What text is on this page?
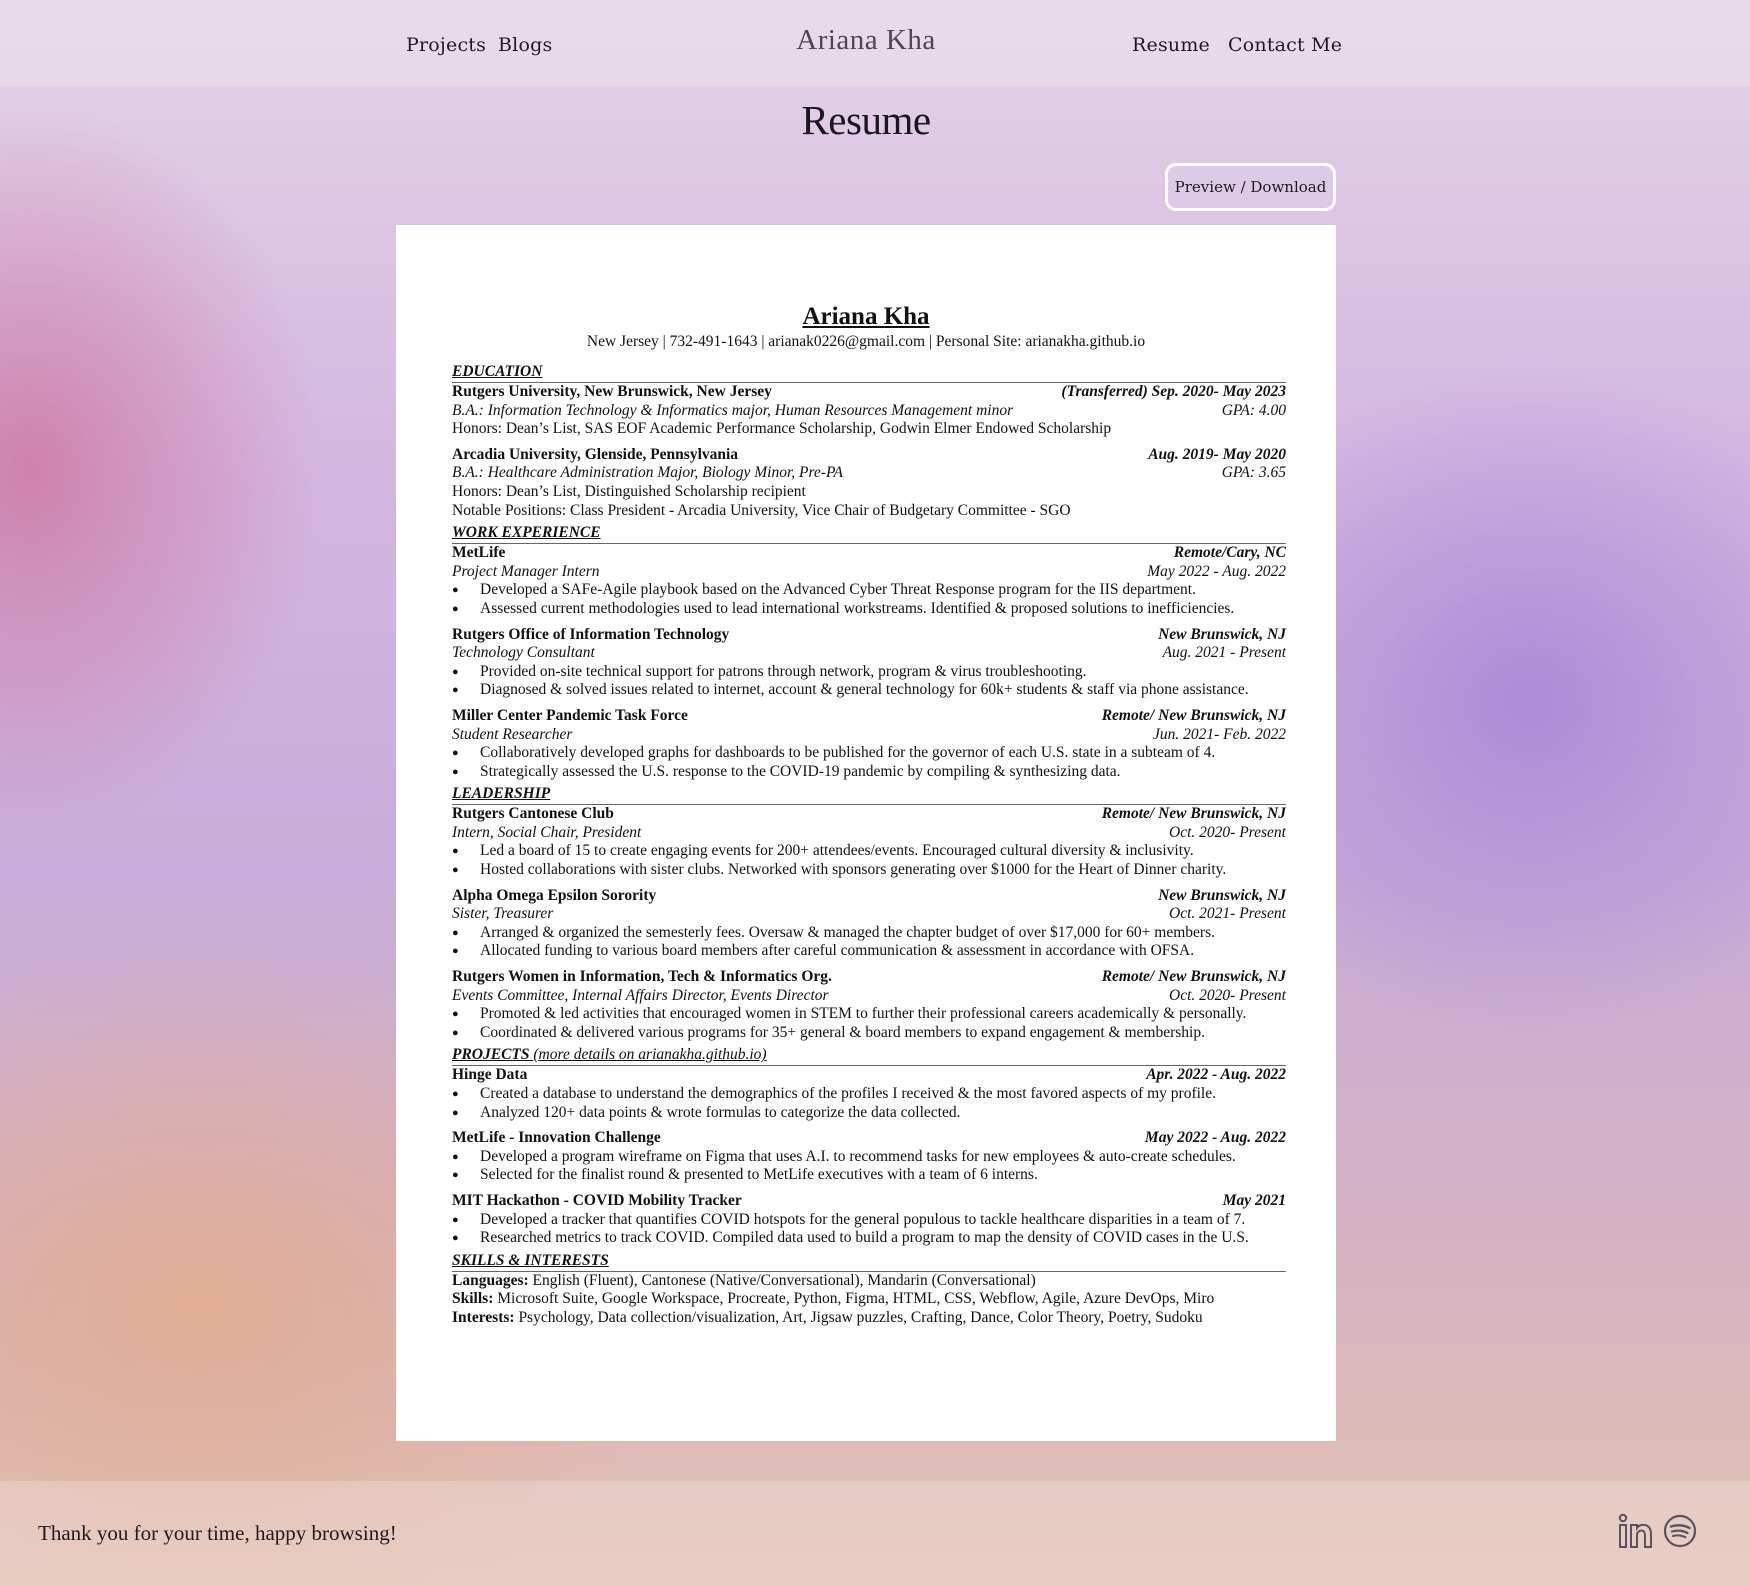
Projects Blogs	Ariana Kha	Resume Contact Me
Resume
Preview / Download
Ariana Kha
New Jersey | 732-491-1643 | arianak0226@gmail.com | Personal Site: arianakha.github.io
EDUCATION
Rutgers University, New Brunswick, New Jersey	(Transferred) Sep. 2020- May 2023
B.A.: Information Technology & Informatics major, Human Resources Management minor	GPA: 4.00
Honors: Dean’s List, SAS EOF Academic Performance Scholarship, Godwin Elmer Endowed Scholarship
Arcadia University, Glenside, Pennsylvania	Aug. 2019- May 2020
B.A.: Healthcare Administration Major, Biology Minor, Pre-PA	GPA: 3.65
Honors: Dean’s List, Distinguished Scholarship recipient
Notable Positions: Class President - Arcadia University, Vice Chair of Budgetary Committee - SGO
WORK EXPERIENCE
MetLife	Remote/Cary, NC
Project Manager Intern	May 2022 - Aug. 2022
● Developed a SAFe-Agile playbook based on the Advanced Cyber Threat Response program for the IIS department.
● Assessed current methodologies used to lead international workstreams. Identified & proposed solutions to inefficiencies.
Rutgers Office of Information Technology	New Brunswick, NJ
Technology Consultant	Aug. 2021 - Present
● Provided on-site technical support for patrons through network, program & virus troubleshooting.
● Diagnosed & solved issues related to internet, account & general technology for 60k+ students & staff via phone assistance.
Miller Center Pandemic Task Force	Remote/ New Brunswick, NJ
Student Researcher	Jun. 2021- Feb. 2022
● Collaboratively developed graphs for dashboards to be published for the governor of each U.S. state in a subteam of 4.
● Strategically assessed the U.S. response to the COVID-19 pandemic by compiling & synthesizing data.
LEADERSHIP
Rutgers Cantonese Club	Remote/ New Brunswick, NJ
Intern, Social Chair, President	Oct. 2020- Present
● Led a board of 15 to create engaging events for 200+ attendees/events. Encouraged cultural diversity & inclusivity.
● Hosted collaborations with sister clubs. Networked with sponsors generating over $1000 for the Heart of Dinner charity.
Alpha Omega Epsilon Sorority	New Brunswick, NJ
Sister, Treasurer	Oct. 2021- Present
● Arranged & organized the semesterly fees. Oversaw & managed the chapter budget of over $17,000 for 60+ members.
● Allocated funding to various board members after careful communication & assessment in accordance with OFSA.
Rutgers Women in Information, Tech & Informatics Org.	Remote/ New Brunswick, NJ
Events Committee, Internal Affairs Director, Events Director	Oct. 2020- Present
● Promoted & led activities that encouraged women in STEM to further their professional careers academically & personally.
● Coordinated & delivered various programs for 35+ general & board members to expand engagement & membership.
PROJECTS (more details on arianakha.github.io)
Hinge Data	Apr. 2022 - Aug. 2022
● Created a database to understand the demographics of the profiles I received & the most favored aspects of my profile.
● Analyzed 120+ data points & wrote formulas to categorize the data collected.
MetLife - Innovation Challenge	May 2022 - Aug. 2022
● Developed a program wireframe on Figma that uses A.I. to recommend tasks for new employees & auto-create schedules.
● Selected for the finalist round & presented to MetLife executives with a team of 6 interns.
MIT Hackathon - COVID Mobility Tracker	May 2021
● Developed a tracker that quantifies COVID hotspots for the general populous to tackle healthcare disparities in a team of 7.
● Researched metrics to track COVID. Compiled data used to build a program to map the density of COVID cases in the U.S.
SKILLS & INTERESTS
Languages: English (Fluent), Cantonese (Native/Conversational), Mandarin (Conversational)
Skills: Microsoft Suite, Google Workspace, Procreate, Python, Figma, HTML, CSS, Webflow, Agile, Azure DevOps, Miro
Interests: Psychology, Data collection/visualization, Art, Jigsaw puzzles, Crafting, Dance, Color Theory, Poetry, Sudoku
Thank you for your time, happy browsing!
